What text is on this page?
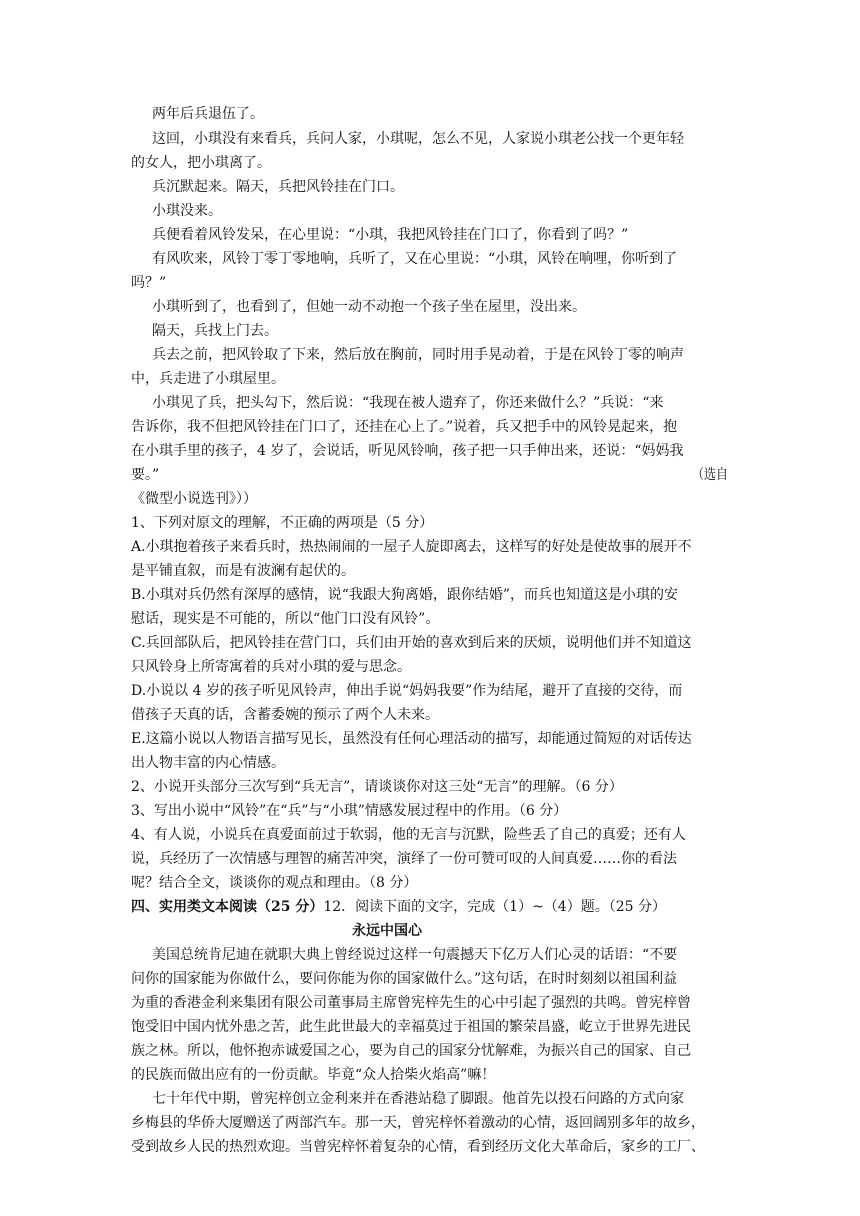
两年后兵退伍了。
这回，小琪没有来看兵，兵问人家，小琪呢，怎么不见，人家说小琪老公找一个更年轻
的女人，把小琪离了。
兵沉默起来。隔天，兵把风铃挂在门口。
小琪没来。
兵便看着风铃发呆，在心里说：“小琪，我把风铃挂在门口了，你看到了吗？”
有风吹来，风铃丁零丁零地响，兵听了，又在心里说：“小琪，风铃在响哩，你听到了
吗？”
小琪听到了，也看到了，但她一动不动抱一个孩子坐在屋里，没出来。
隔天，兵找上门去。
兵去之前，把风铃取了下来，然后放在胸前，同时用手晃动着，于是在风铃丁零的响声
中，兵走进了小琪屋里。
小琪见了兵，把头勾下，然后说：“我现在被人遗弃了，你还来做什么？”兵说：“来
告诉你，我不但把风铃挂在门口了，还挂在心上了。”说着，兵又把手中的风铃晃起来，抱
在小琪手里的孩子，4 岁了，会说话，听见风铃响，孩子把一只手伸出来，还说：“妈妈我
要。”	（选自
《微型小说选刊》））
1、下列对原文的理解，不正确的两项是（5 分）
A.小琪抱着孩子来看兵时，热热闹闹的一屋子人旋即离去，这样写的好处是使故事的展开不
是平铺直叙，而是有波澜有起伏的。
B.小琪对兵仍然有深厚的感情，说“我跟大狗离婚，跟你结婚”，而兵也知道这是小琪的安
慰话，现实是不可能的，所以“他门口没有风铃”。
C.兵回部队后，把风铃挂在营门口，兵们由开始的喜欢到后来的厌烦，说明他们并不知道这
只风铃身上所寄寓着的兵对小琪的爱与思念。
D.小说以 4 岁的孩子听见风铃声，伸出手说“妈妈我要”作为结尾，避开了直接的交待，而
借孩子天真的话，含蓄委婉的预示了两个人未来。
E.这篇小说以人物语言描写见长，虽然没有任何心理活动的描写，却能通过简短的对话传达
出人物丰富的内心情感。
2、小说开头部分三次写到“兵无言”，请谈谈你对这三处“无言”的理解。（6 分）
3、写出小说中“风铃”在“兵”与“小琪”情感发展过程中的作用。（6 分）
4、有人说，小说兵在真爱面前过于软弱，他的无言与沉默，险些丢了自己的真爱；还有人
说，兵经历了一次情感与理智的痛苦冲突，演绎了一份可赞可叹的人间真爱……你的看法
呢？结合全文，谈谈你的观点和理由。（8 分）
四、实用类文本阅读（25 分）12．阅读下面的文字，完成（1）~（4）题。（25 分）
永远中国心
美国总统肯尼迪在就职大典上曾经说过这样一句震撼天下亿万人们心灵的话语：“不要
问你的国家能为你做什么，要问你能为你的国家做什么。”这句话，在时时刻刻以祖国利益
为重的香港金利来集团有限公司董事局主席曾宪梓先生的心中引起了强烈的共鸣。曾宪梓曾
饱受旧中国内忧外患之苦，此生此世最大的幸福莫过于祖国的繁荣昌盛，屹立于世界先进民
族之林。所以，他怀抱赤诚爱国之心，要为自己的国家分忧解难，为振兴自己的国家、自己
的民族而做出应有的一份贡献。毕竟“众人拾柴火焰高”嘛！
七十年代中期，曾宪梓创立金利来并在香港站稳了脚跟。他首先以投石问路的方式向家
乡梅县的华侨大厦赠送了两部汽车。那一天，曾宪梓怀着激动的心情，返回阔别多年的故乡，
受到故乡人民的热烈欢迎。当曾宪梓怀着复杂的心情，看到经历文化大革命后，家乡的工厂、
